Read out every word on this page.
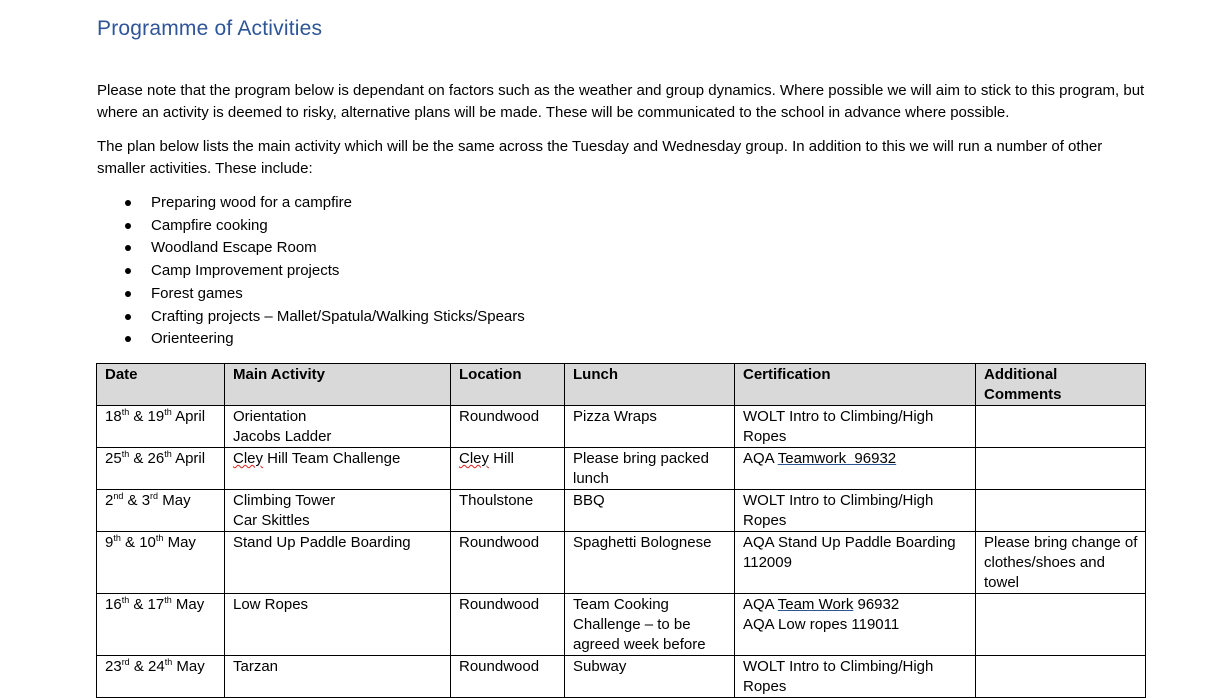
Programme of Activities

Please note that the program below is dependant on factors such as the weather and group dynamics. Where possible we will aim to stick to this program, but where an activity is deemed to risky, alternative plans will be made. These will be communicated to the school in advance where possible.

The plan below lists the main activity which will be the same across the Tuesday and Wednesday group. In addition to this we will run a number of other smaller activities. These include:

Preparing wood for a campfire
Campfire cooking
Woodland Escape Room
Camp Improvement projects
Forest games
Crafting projects – Mallet/Spatula/Walking Sticks/Spears
Orienteering
Date	Main Activity	Location	Lunch	Certification	Additional Comments

18th & 19th April	Orientation
Jacobs Ladder	Roundwood	Pizza Wraps	WOLT Intro to Climbing/High
Ropes	

25th & 26th April	Cley Hill Team Challenge	Cley Hill	Please bring packed
lunch	AQA Teamwork  96932	

2nd & 3rd May	Climbing Tower
Car Skittles	Thoulstone	BBQ	WOLT Intro to Climbing/High
Ropes	

9th & 10th May	Stand Up Paddle Boarding	Roundwood	Spaghetti Bolognese	AQA Stand Up Paddle Boarding
112009	Please bring change of
clothes/shoes and
towel

16th & 17th May	Low Ropes	Roundwood	Team Cooking
Challenge – to be
agreed week before	AQA Team Work 96932
AQA Low ropes 119011	

23rd & 24th May	Tarzan	Roundwood	Subway	WOLT Intro to Climbing/High
Ropes	
